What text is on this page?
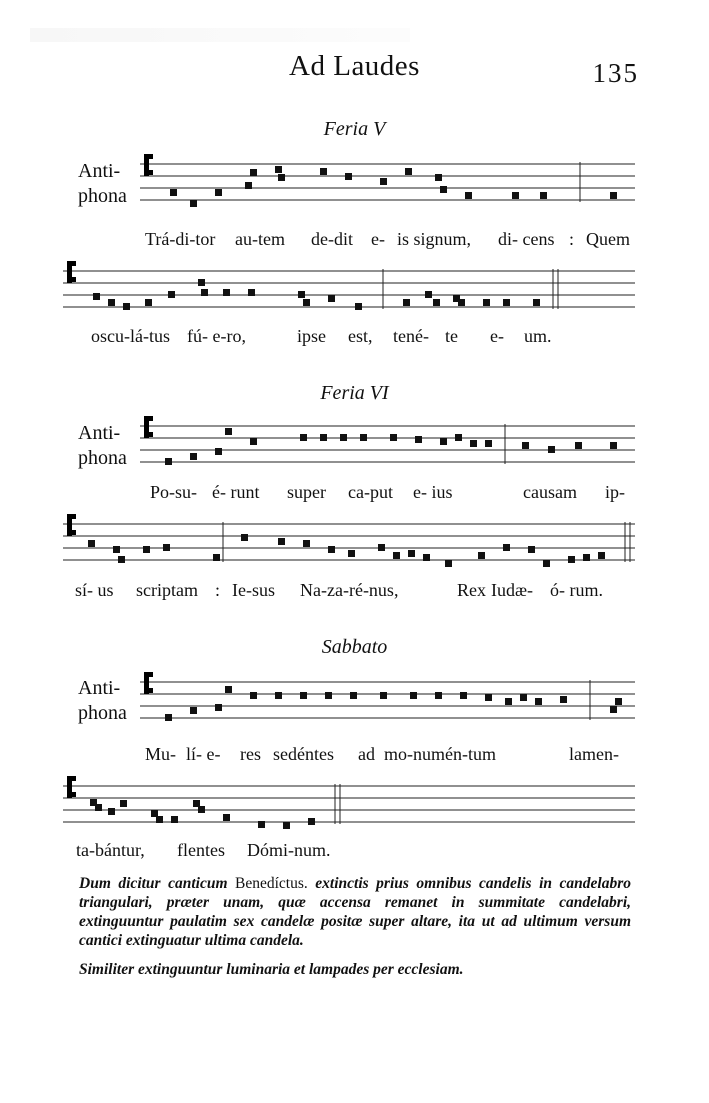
Ad Laudes	135
Feria V
Anti-
phona
Feria VI
Anti-
phona
Sabbato
Anti-
phona
Dum dicitur canticum Benedíctus. extinctis prius omnibus candelis in candelabro triangulari, præter unam, quæ accensa remanet in summitate candelabri, extinguuntur paulatim sex candelæ positæ super altare, ita ut ad ultimum versum cantici extinguatur ultima candela.
Similiter extinguuntur luminaria et lampades per ecclesiam.
Trá-di-tor au-tem de-dit e- is signum, di- cens : Quem
oscu-lá-tus fú- e-ro,	ipse est, tené- te e- um.
Po-su- é- runt super ca-put e- ius	causam ip-
sí- us scriptam : Ie-sus Na-za-ré-nus,	Rex Iudæ- ó- rum.
Mu- lí- e- res sedéntes ad mo-numén-tum	lamen-
ta-bántur, flentes Dómi-num.
